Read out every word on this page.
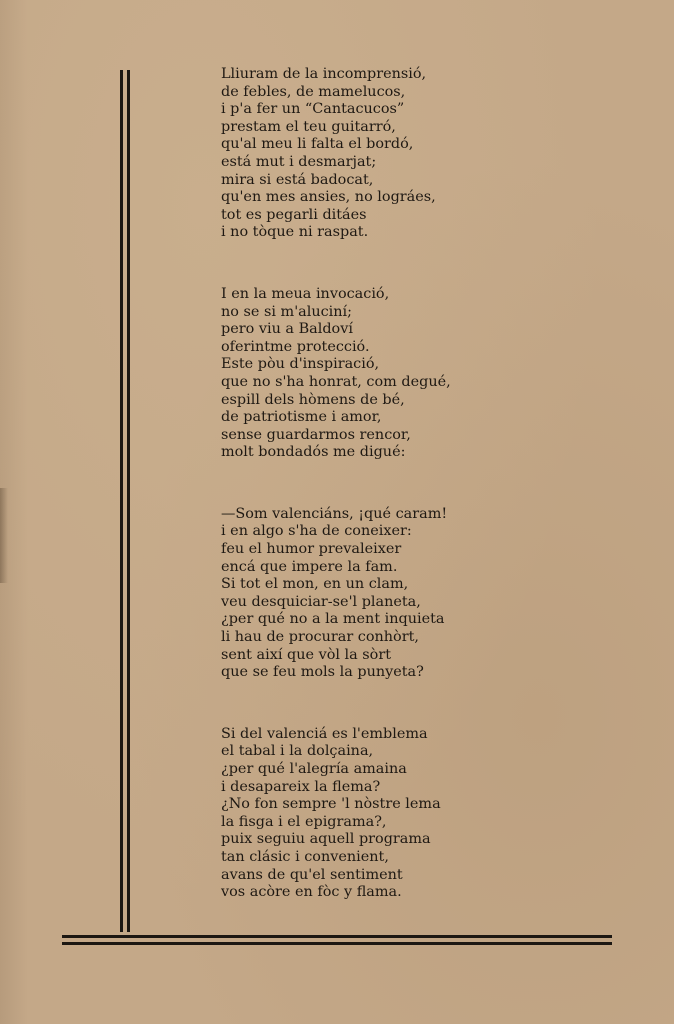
Lliuram de la incomprensió,
de febles, de mamelucos,
i p'a fer un “Cantacucos”
prestam el teu guitarró,
qu'al meu li falta el bordó,
está mut i desmarjat;
mira si está badocat,
qu'en mes ansies, no lográes,
tot es pegarli ditáes
i no tòque ni raspat.
I en la meua invocació,
no se si m'aluciní;
pero viu a Baldoví
oferintme protecció.
Este pòu d'inspiració,
que no s'ha honrat, com degué,
espill dels hòmens de bé,
de patriotisme i amor,
sense guardarmos rencor,
molt bondadós me digué:
—Som valenciáns, ¡qué caram!
i en algo s'ha de coneixer:
feu el humor prevaleixer
encá que impere la fam.
Si tot el mon, en un clam,
veu desquiciar-se'l planeta,
¿per qué no a la ment inquieta
li hau de procurar conhòrt,
sent així que vòl la sòrt
que se feu mols la punyeta?
Si del valenciá es l'emblema
el tabal i la dolçaina,
¿per qué l'alegría amaina
i desapareix la flema?
¿No fon sempre 'l nòstre lema
la fisga i el epigrama?,
puix seguiu aquell programa
tan clásic i convenient,
avans de qu'el sentiment
vos acòre en fòc y flama.
